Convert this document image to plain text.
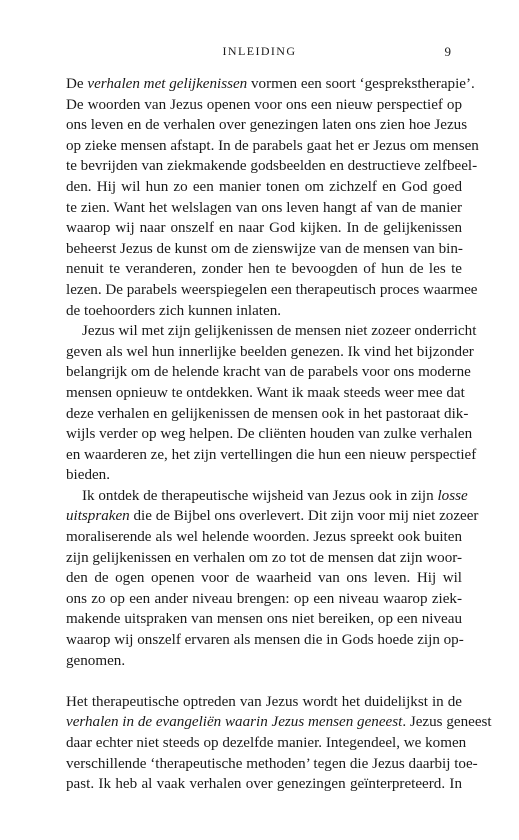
INLEIDING	9
De verhalen met gelijkenissen vormen een soort ‘gesprekstherapie’.
De woorden van Jezus openen voor ons een nieuw perspectief op
ons leven en de verhalen over genezingen laten ons zien hoe Jezus
op zieke mensen afstapt. In de parabels gaat het er Jezus om mensen
te bevrijden van ziekmakende godsbeelden en destructieve zelfbeel-
den. Hij wil hun zo een manier tonen om zichzelf en God goed
te zien. Want het welslagen van ons leven hangt af van de manier
waarop wij naar onszelf en naar God kijken. In de gelijkenissen
beheerst Jezus de kunst om de zienswijze van de mensen van bin-
nenuit te veranderen, zonder hen te bevoogden of hun de les te
lezen. De parabels weerspiegelen een therapeutisch proces waarmee
de toehoorders zich kunnen inlaten.
Jezus wil met zijn gelijkenissen de mensen niet zozeer onderricht
geven als wel hun innerlijke beelden genezen. Ik vind het bijzonder
belangrijk om de helende kracht van de parabels voor ons moderne
mensen opnieuw te ontdekken. Want ik maak steeds weer mee dat
deze verhalen en gelijkenissen de mensen ook in het pastoraat dik-
wijls verder op weg helpen. De cliënten houden van zulke verhalen
en waarderen ze, het zijn vertellingen die hun een nieuw perspectief
bieden.
Ik ontdek de therapeutische wijsheid van Jezus ook in zijn losse
uitspraken die de Bijbel ons overlevert. Dit zijn voor mij niet zozeer
moraliserende als wel helende woorden. Jezus spreekt ook buiten
zijn gelijkenissen en verhalen om zo tot de mensen dat zijn woor-
den de ogen openen voor de waarheid van ons leven. Hij wil
ons zo op een ander niveau brengen: op een niveau waarop ziek-
makende uitspraken van mensen ons niet bereiken, op een niveau
waarop wij onszelf ervaren als mensen die in Gods hoede zijn op-
genomen.
Het therapeutische optreden van Jezus wordt het duidelijkst in de
verhalen in de evangeliën waarin Jezus mensen geneest. Jezus geneest
daar echter niet steeds op dezelfde manier. Integendeel, we komen
verschillende ‘therapeutische methoden’ tegen die Jezus daarbij toe-
past. Ik heb al vaak verhalen over genezingen geïnterpreteerd. In
